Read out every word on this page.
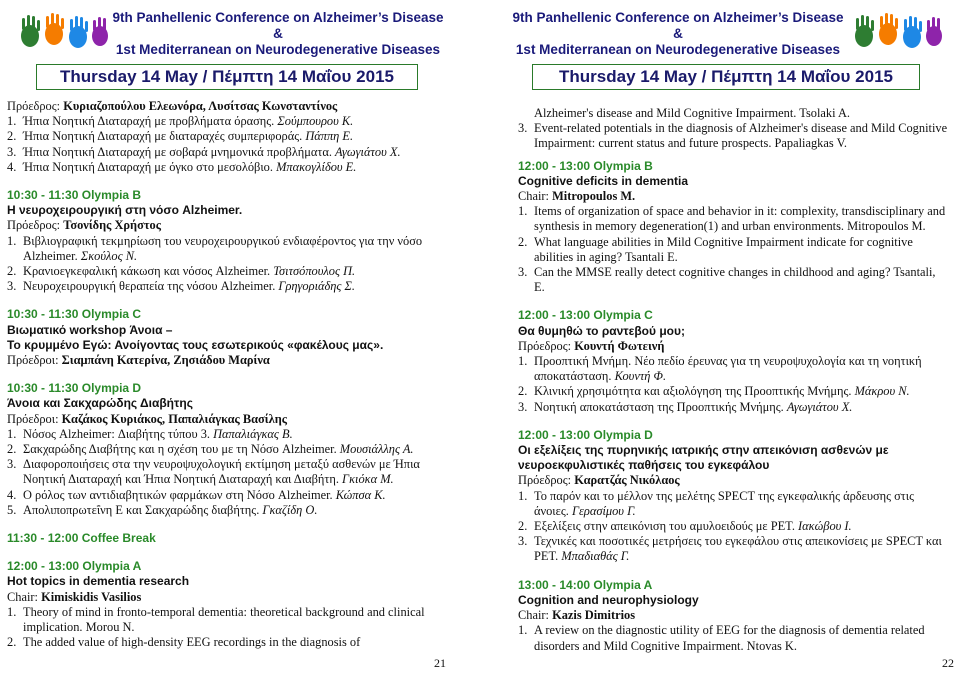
9th Panhellenic Conference on Alzheimer’s Disease &
1st Mediterranean on Neurodegenerative Diseases
Thursday 14 May / Πέμπτη 14 Μαΐου 2015
Πρόεδρος: Κυριαζοπούλου Ελεωνόρα, Λυσίτσας Κωνσταντίνος
1. Ήπια Νοητική Διαταραχή με προβλήματα όρασης. Σούμπουρου Κ.
2. Ήπια Νοητική Διαταραχή με διαταραχές συμπεριφοράς. Πάππη Ε.
3. Ήπια Νοητική Διαταραχή με σοβαρά μνημονικά προβλήματα. Αγωγιάτου Χ.
4. Ήπια Νοητική Διαταραχή με όγκο στο μεσολόβιο. Μπακογλίδου Ε.
10:30 - 11:30 Olympia B
Η νευροχειρουργική στη νόσο Alzheimer.
Πρόεδρος: Τσονίδης Χρήστος
1. Βιβλιογραφική τεκμηρίωση του νευροχειρουργικού ενδιαφέροντος για την νόσο Alzheimer. Σκούλος Ν.
2. Κρανιοεγκεφαλική κάκωση και νόσος Alzheimer. Τσιτσόπουλος Π.
3. Νευροχειρουργική θεραπεία της νόσου Alzheimer. Γρηγοριάδης Σ.
10:30 - 11:30 Olympia C
Βιωματικό workshop Άνοια –
Το κρυμμένο Εγώ: Ανοίγοντας τους εσωτερικούς «φακέλους μας».
Πρόεδροι: Σιαμπάνη Κατερίνα, Ζησιάδου Μαρίνα
10:30 - 11:30 Olympia D
Άνοια και Σακχαρώδης Διαβήτης
Πρόεδροι: Καζάκος Κυριάκος, Παπαλιάγκας Βασίλης
1. Νόσος Alzheimer: Διαβήτης τύπου 3. Παπαλιάγκας Β.
2. Σακχαρώδης Διαβήτης και η σχέση του με τη Νόσο Alzheimer. Μουσιάλλης Α.
3. Διαφοροποιήσεις στα την νευροψυχολογική εκτίμηση μεταξύ ασθενών με Ήπια Νοητική Διαταραχή και Ήπια Νοητική Διαταραχή και Διαβήτη. Γκιόκα Μ.
4. Ο ρόλος των αντιδιαβητικών φαρμάκων στη Νόσο Alzheimer. Κώπσα Κ.
5. Απολιποπρωτεΐνη Ε και Σακχαρώδης διαβήτης. Γκαζίδη Ο.
11:30 - 12:00 Coffee Break
12:00 - 13:00 Olympia A
Hot topics in dementia research
Chair: Kimiskidis Vasilios
1. Theory of mind in fronto-temporal dementia: theoretical background and clinical implication. Morou N.
2. The added value of high-density EEG recordings in the diagnosis of
21
9th Panhellenic Conference on Alzheimer’s Disease &
1st Mediterranean on Neurodegenerative Diseases
Thursday 14 May / Πέμπτη 14 Μαΐου 2015
Alzheimer's disease and Mild Cognitive Impairment. Tsolaki A.
3. Event-related potentials in the diagnosis of Alzheimer's disease and Mild Cognitive Impairment: current status and future prospects. Papaliagkas V.
12:00 - 13:00 Olympia B
Cognitive deficits in dementia
Chair: Mitropoulos M.
1. Items of organization of space and behavior in it: complexity, transdisciplinary and synthesis in memory degeneration(1) and urban environments. Mitropoulos M.
2. What language abilities in Mild Cognitive Impairment indicate for cognitive abilities in aging? Tsantali E.
3. Can the MMSE really detect cognitive changes in childhood and aging? Tsantali, E.
12:00 - 13:00 Olympia C
Θα θυμηθώ το ραντεβού μου;
Πρόεδρος: Κουντή Φωτεινή
1. Προοπτική Μνήμη. Νέο πεδίο έρευνας για τη νευροψυχολογία και τη νοητική αποκατάσταση. Κουντή Φ.
2. Κλινική χρησιμότητα και αξιολόγηση της Προοπτικής Μνήμης. Μάκρου Ν.
3. Νοητική αποκατάσταση της Προοπτικής Μνήμης. Αγωγιάτου Χ.
12:00 - 13:00 Olympia D
Οι εξελίξεις της πυρηνικής ιατρικής στην απεικόνιση ασθενών με
νευροεκφυλιστικές παθήσεις του εγκεφάλου
Πρόεδρος: Καρατζάς Νικόλαος
1. Το παρόν και το μέλλον της μελέτης SPECT της εγκεφαλικής άρδευσης στις άνοιες. Γερασίμου Γ.
2. Εξελίξεις στην απεικόνιση του αμυλοειδούς με PET. Ιακώβου Ι.
3. Τεχνικές και ποσοτικές μετρήσεις του εγκεφάλου στις απεικονίσεις με SPECT και PET. Μπαδιαθάς Γ.
13:00 - 14:00 Olympia A
Cognition and neurophysiology
Chair: Kazis Dimitrios
1. A review on the diagnostic utility of EEG for the diagnosis of dementia related disorders and Mild Cognitive Impairment. Ntovas K.
22
